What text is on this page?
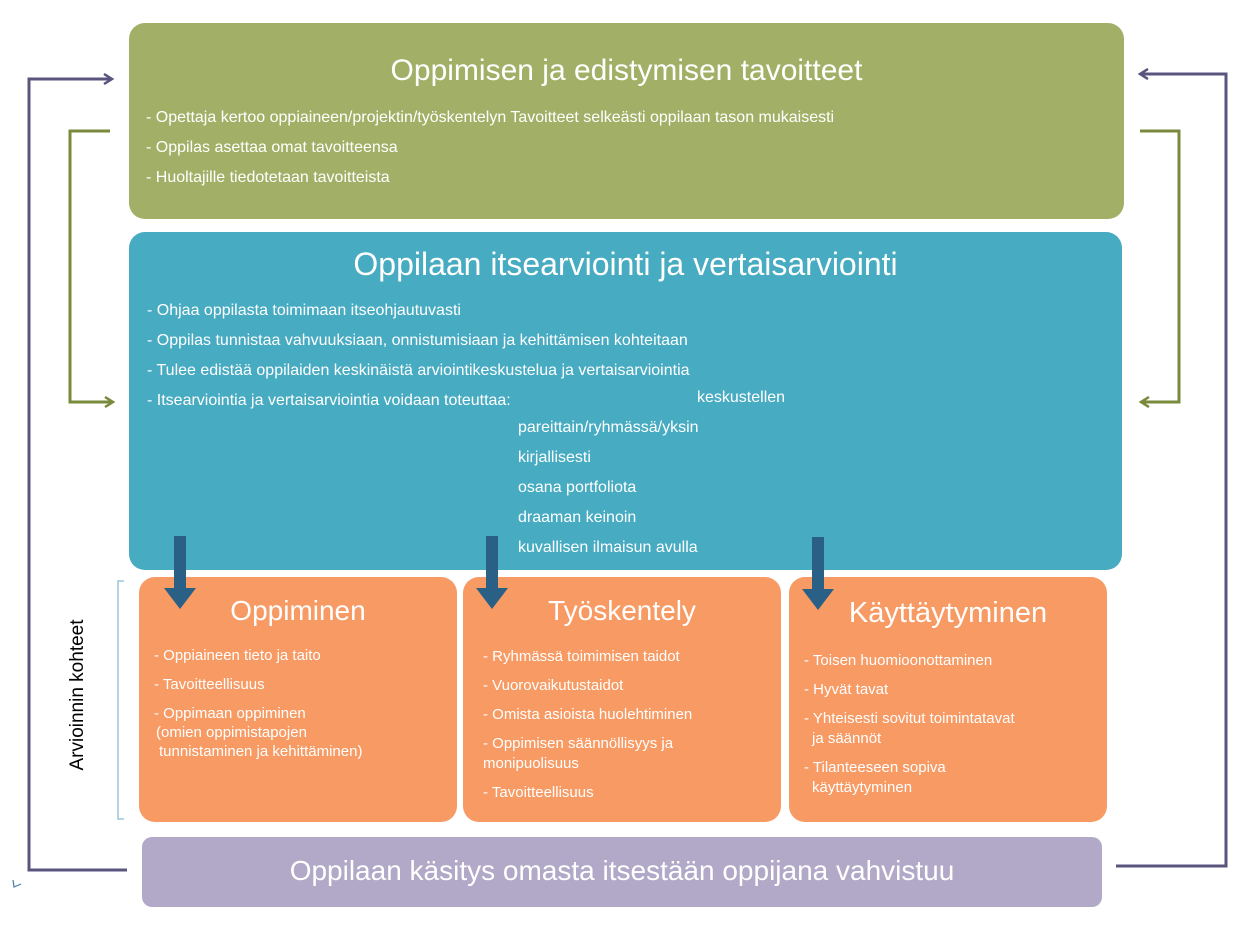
Oppimisen ja edistymisen tavoitteet
- Opettaja kertoo oppiaineen/projektin/työskentelyn Tavoitteet selkeästi oppilaan tason mukaisesti
- Oppilas asettaa omat tavoitteensa
- Huoltajille tiedotetaan tavoitteista
Oppilaan itsearviointi ja vertaisarviointi
- Ohjaa oppilasta toimimaan itseohjautuvasti
- Oppilas tunnistaa vahvuuksiaan, onnistumisiaan ja kehittämisen kohteitaan
- Tulee edistää oppilaiden keskinäistä arviointikeskustelua ja vertaisarviointia
- Itsearviointia ja vertaisarviointia voidaan toteuttaa:	keskustellen
pareittain/ryhmässä/yksin
kirjallisesti
osana portfoliota
draaman keinoin
kuvallisen ilmaisun avulla
Oppiminen
- Oppiaineen tieto ja taito
- Tavoitteellisuus
- Oppimaan oppiminen
(omien oppimistapojen
tunnistaminen ja kehittäminen)
Työskentely
- Ryhmässä toimimisen taidot
- Vuorovaikutustaidot
- Omista asioista huolehtiminen
- Oppimisen säännöllisyys ja
monipuolisuus
- Tavoitteellisuus
Käyttäytyminen
- Toisen huomioonottaminen
- Hyvät tavat
- Yhteisesti sovitut toimintatavat
ja säännöt
- Tilanteeseen sopiva
käyttäytyminen
Oppilaan käsitys omasta itsestään oppijana vahvistuu
Arvioinnin kohteet
